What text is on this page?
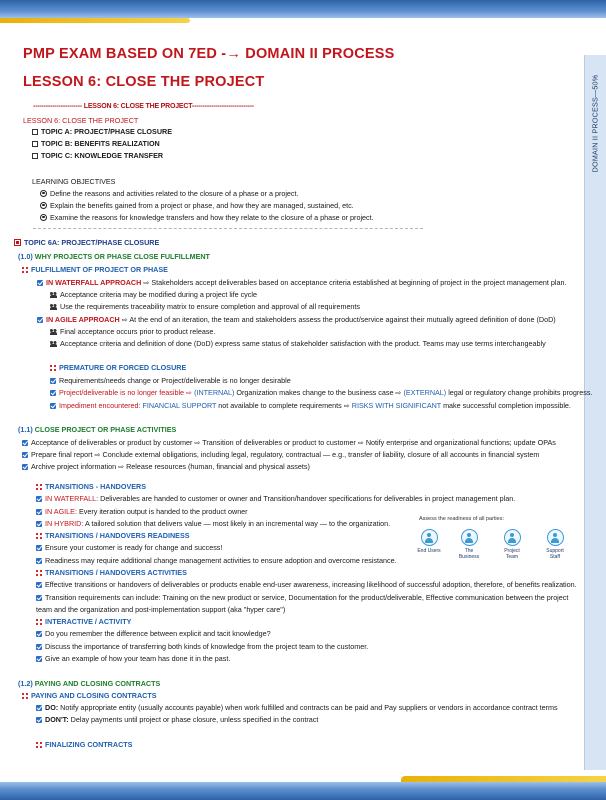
DOMAIN II PROCESS—50%
PMP EXAM BASED ON 7ED -→ DOMAIN II PROCESS
LESSON 6: CLOSE THE PROJECT
----------------------- LESSON 6: CLOSE THE PROJECT-----------------------------
LESSON 6: CLOSE THE PROJECT
TOPIC A: PROJECT/PHASE CLOSURE
TOPIC B: BENEFITS REALIZATION
TOPIC C: KNOWLEDGE TRANSFER
LEARNING OBJECTIVES
Define the reasons and activities related to the closure of a phase or a project.
Explain the benefits gained from a project or phase, and how they are managed, sustained, etc.
Examine the reasons for knowledge transfers and how they relate to the closure of a phase or project.
TOPIC 6A: PROJECT/PHASE CLOSURE
(1.0) WHY PROJECTS OR PHASE CLOSE FULFILLMENT
FULFILLMENT OF PROJECT OR PHASE
IN WATERFALL APPROACH ⇨ Stakeholders accept deliverables based on acceptance criteria established at beginning of project in the project management plan.
Acceptance criteria may be modified during a project life cycle
Use the requirements traceability matrix to ensure completion and approval of all requirements
IN AGILE APPROACH ⇨ At the end of an iteration, the team and stakeholders assess the product/service against their mutually agreed definition of done (DoD)
Final acceptance occurs prior to product release.
Acceptance criteria and definition of done (DoD) express same status of stakeholder satisfaction with the product. Teams may use terms interchangeably
PREMATURE OR FORCED CLOSURE
Requirements/needs change or Project/deliverable is no longer desirable
Project/deliverable is no longer feasible ⇨ (INTERNAL) Organization makes change to the business case ⇨ (EXTERNAL) legal or regulatory change prohibits progress.
Impediment encountered: FINANCIAL SUPPORT not available to complete requirements ⇨ RISKS WITH SIGNIFICANT make successful completion impossible.
(1.1) CLOSE PROJECT OR PHASE ACTIVITIES
Acceptance of deliverables or product by customer ⇨ Transition of deliverables or product to customer ⇨ Notify enterprise and organizational functions; update OPAs
Prepare final report ⇨ Conclude external obligations, including legal, regulatory, contractual — e.g., transfer of liability, closure of all accounts in financial system
Archive project information ⇨ Release resources (human, financial and physical assets)
TRANSITIONS - HANDOVERS
IN WATERFALL: Deliverables are handed to customer or owner and Transition/handover specifications for deliverables in project management plan.
IN AGILE: Every iteration output is handed to the product owner
IN HYBRID: A tailored solution that delivers value — most likely in an incremental way — to the organization.
TRANSITIONS / HANDOVERS READINESS
Ensure your customer is ready for change and success!
Readiness may require additional change management activities to ensure adoption and overcome resistance.
TRANSITIONS / HANDOVERS ACTIVITIES
Effective transitions or handovers of deliverables or products enable end-user awareness, increasing likelihood of successful adoption, therefore, of benefits realization.
Transition requirements can include: Training on the new product or service, Documentation for the product/deliverable, Effective communication between the project
team and the organization and post-implementation support (aka "hyper care")
INTERACTIVE / ACTIVITY
Do you remember the difference between explicit and tacit knowledge?
Discuss the importance of transferring both kinds of knowledge from the project team to the customer.
Give an example of how your team has done it in the past.
(1.2) PAYING AND CLOSING CONTRACTS
PAYING AND CLOSING CONTRACTS
DO: Notify appropriate entity (usually accounts payable) when work fulfilled and contracts can be paid and Pay suppliers or vendors in accordance contract terms
DON'T: Delay payments until project or phase closure, unless specified in the contract
FINALIZING CONTRACTS
Assess the readiness of all parties:
End Users	The Business
Project Team
Support Staff
